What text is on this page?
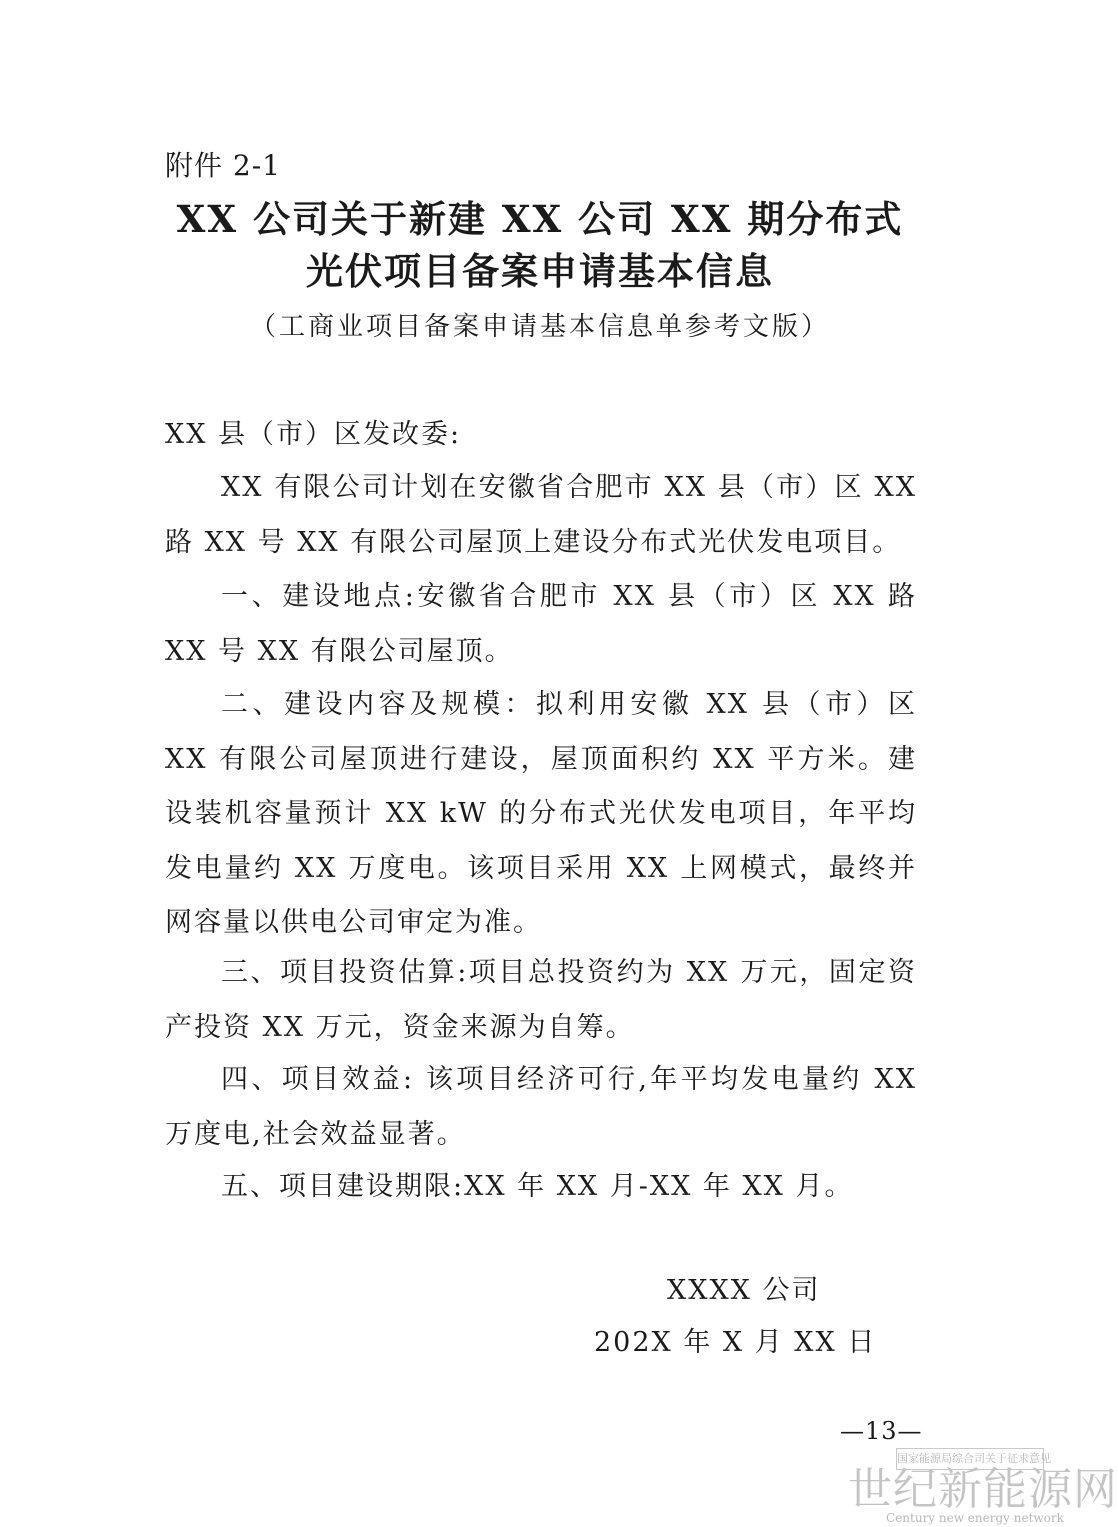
附件 2-1
XX 公司关于新建 XX 公司 XX 期分布式
光伏项目备案申请基本信息
（工商业项目备案申请基本信息单参考文版）
XX 县（市）区发改委:
XX 有限公司计划在安徽省合肥市 XX 县（市）区 XX 路 XX 号 XX 有限公司屋顶上建设分布式光伏发电项目。
一、建设地点:安徽省合肥市 XX 县（市）区 XX 路 XX 号 XX 有限公司屋顶。
二、建设内容及规模：拟利用安徽 XX 县（市）区 XX 有限公司屋顶进行建设，屋顶面积约 XX 平方米。建设装机容量预计 XX kW 的分布式光伏发电项目，年平均发电量约 XX 万度电。该项目采用 XX 上网模式，最终并网容量以供电公司审定为准。
三、项目投资估算:项目总投资约为 XX 万元，固定资产投资 XX 万元，资金来源为自筹。
四、项目效益: 该项目经济可行,年平均发电量约 XX 万度电,社会效益显著。
五、项目建设期限:XX 年 XX 月-XX 年 XX 月。
XXXX 公司
202X 年 X 月 XX 日
—13—
国家能源局综合司关于征求意见
世纪新能源网
Century new energy network
